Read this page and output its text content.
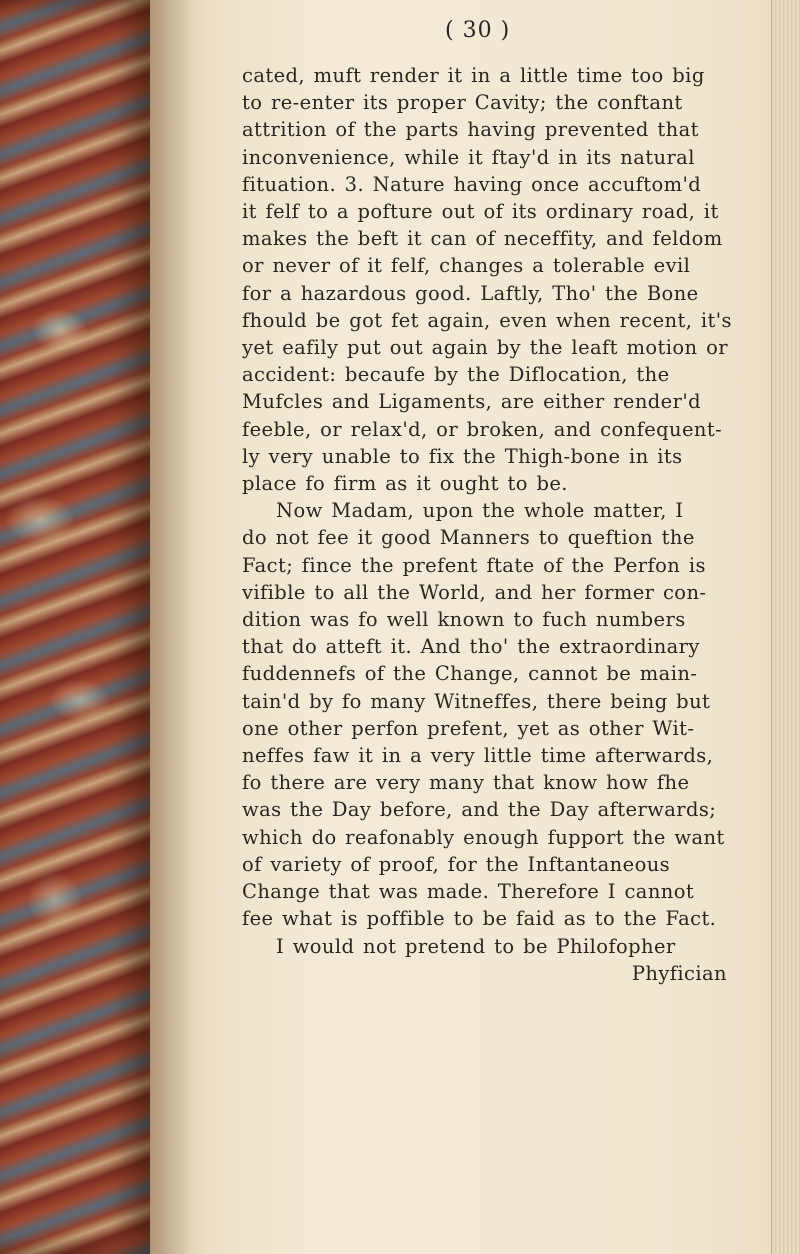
( 30 )
cated, muft render it in a little time too big
to re-enter its proper Cavity; the conftant
attrition of the parts having prevented that
inconvenience, while it ftay'd in its natural
fituation. 3. Nature having once accuftom'd
it felf to a pofture out of its ordinary road, it
makes the beft it can of neceffity, and feldom
or never of it felf, changes a tolerable evil
for a hazardous good. Laftly, Tho' the Bone
fhould be got fet again, even when recent, it's
yet eafily put out again by the leaft motion or
accident: becaufe by the Diflocation, the
Mufcles and Ligaments, are either render'd
feeble, or relax'd, or broken, and confequent-
ly very unable to fix the Thigh-bone in its
place fo firm as it ought to be.
Now Madam, upon the whole matter, I
do not fee it good Manners to queftion the
Fact; fince the prefent ftate of the Perfon is
vifible to all the World, and her former con-
dition was fo well known to fuch numbers
that do atteft it. And tho' the extraordinary
fuddennefs of the Change, cannot be main-
tain'd by fo many Witneffes, there being but
one other perfon prefent, yet as other Wit-
neffes faw it in a very little time afterwards,
fo there are very many that know how fhe
was the Day before, and the Day afterwards;
which do reafonably enough fupport the want
of variety of proof, for the Inftantaneous
Change that was made. Therefore I cannot
fee what is poffible to be faid as to the Fact.
I would not pretend to be Philofopher
Phyfician
